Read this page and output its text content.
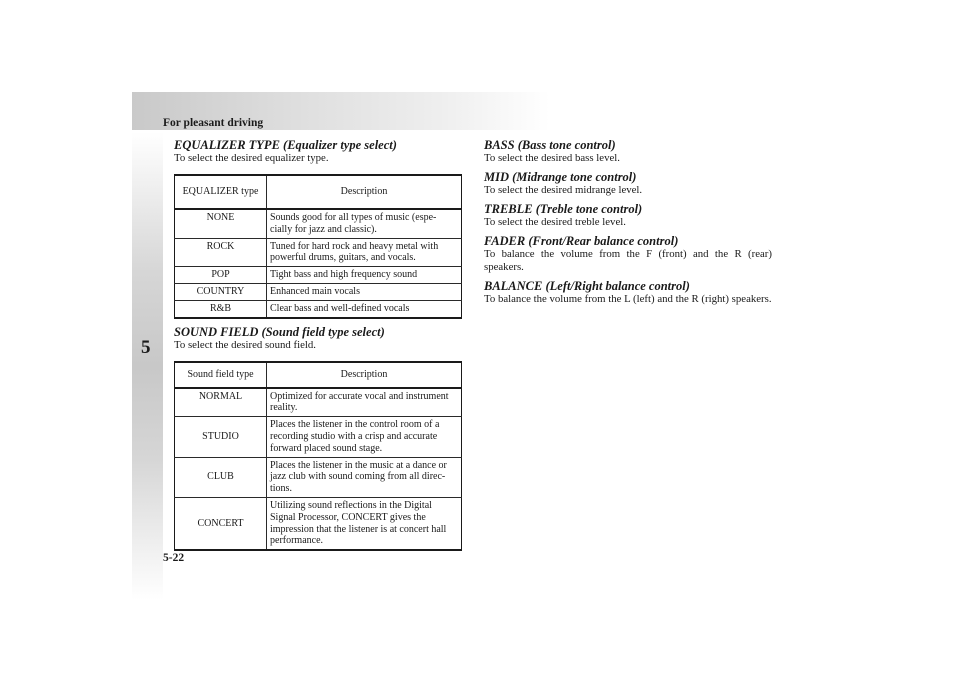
For pleasant driving
5
5-22
EQUALIZER TYPE (Equalizer type select)

To select the desired equalizer type.

EQUALIZER type	Description
NONE	Sounds good for all types of music (espe-cially for jazz and classic).
ROCK	Tuned for hard rock and heavy metal with powerful drums, guitars, and vocals.
POP	Tight bass and high frequency sound
COUNTRY	Enhanced main vocals
R&B	Clear bass and well-defined vocals
SOUND FIELD (Sound field type select)

To select the desired sound field.

Sound field type	Description
NORMAL	Optimized for accurate vocal and instrument reality.
STUDIO	Places the listener in the control room of a recording studio with a crisp and accurate forward placed sound stage.
CLUB	Places the listener in the music at a dance or jazz club with sound coming from all direc-tions.
CONCERT	Utilizing sound reflections in the Digital Signal Processor, CONCERT gives the impression that the listener is at concert hall performance.
BASS (Bass tone control)

To select the desired bass level.

MID (Midrange tone control)

To select the desired midrange level.

TREBLE (Treble tone control)

To select the desired treble level.

FADER (Front/Rear balance control)

To balance the volume from the F (front) and the R (rear) speakers.

BALANCE (Left/Right balance control)

To balance the volume from the L (left) and the R (right) speakers.
